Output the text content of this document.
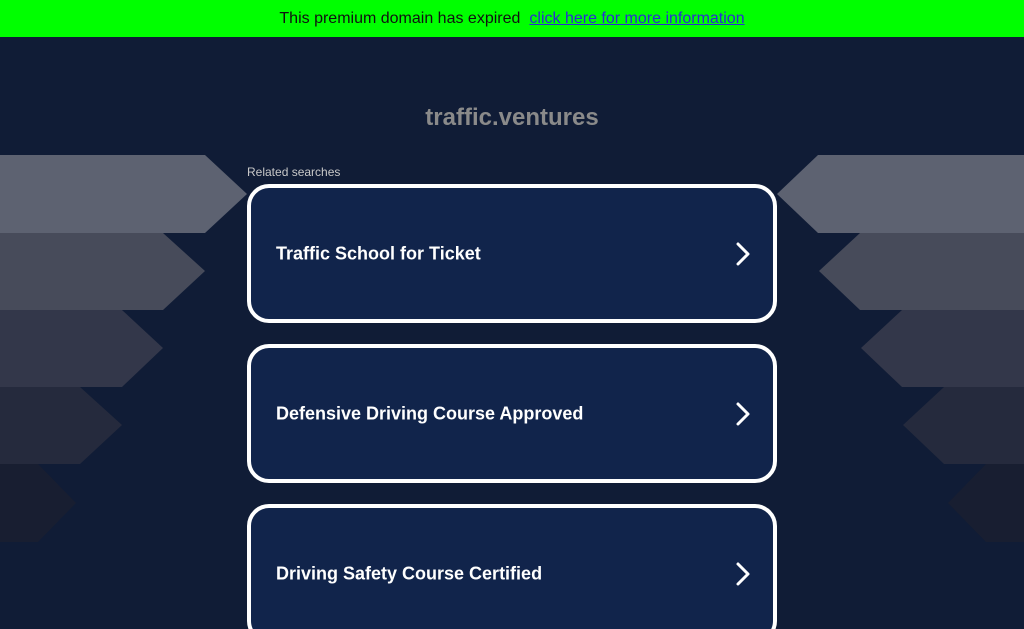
This premium domain has expired click here for more information
traffic.ventures
Related searches
Traffic School for Ticket
Defensive Driving Course Approved
Driving Safety Course Certified
